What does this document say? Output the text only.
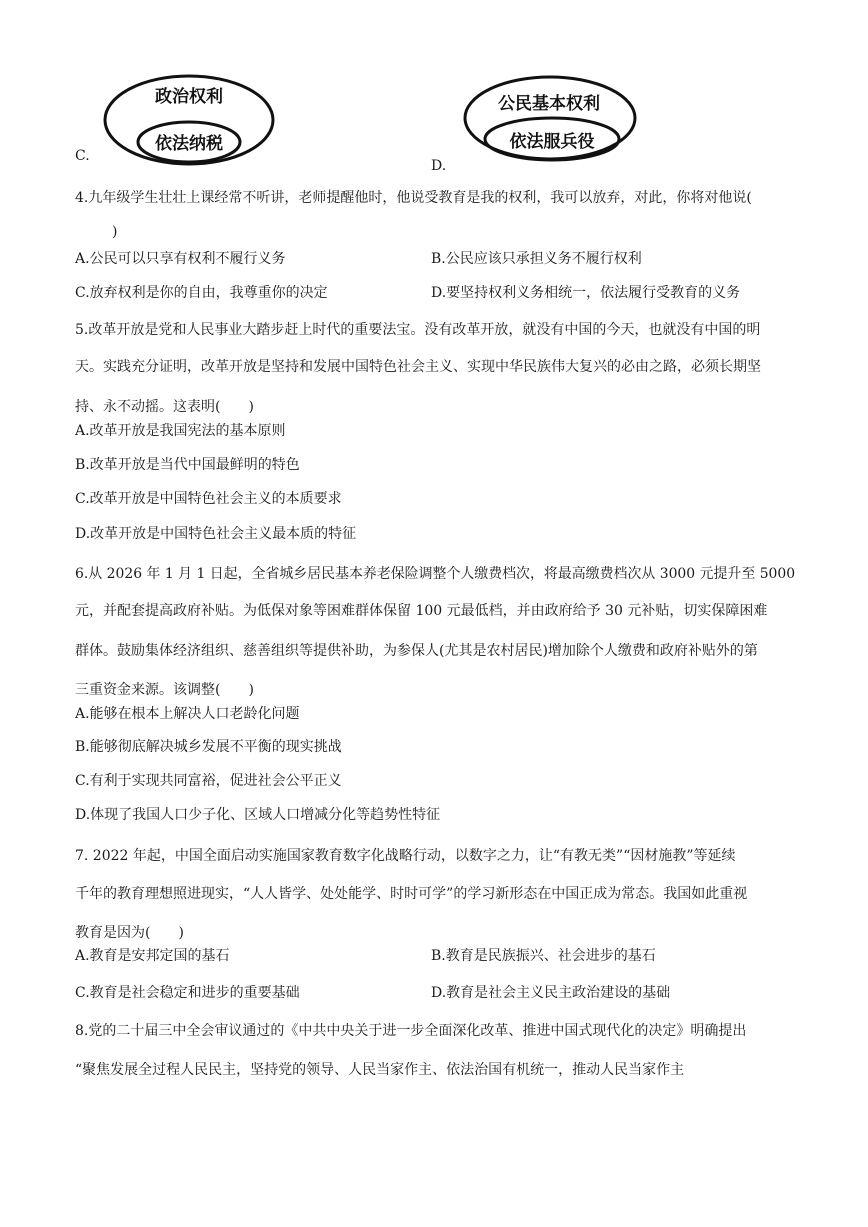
政治权利
依法纳税
C.
公民基本权利
依法服兵役
D.
4.九年级学生壮壮上课经常不听讲，老师提醒他时，他说受教育是我的权利，我可以放弃，对此，你将对他说(
)
A.公民可以只享有权利不履行义务	B.公民应该只承担义务不履行权利
C.放弃权利是你的自由，我尊重你的决定	D.要坚持权利义务相统一，依法履行受教育的义务
5.改革开放是党和人民事业大踏步赶上时代的重要法宝。没有改革开放，就没有中国的今天，也就没有中国的明
天。实践充分证明，改革开放是坚持和发展中国特色社会主义、实现中华民族伟大复兴的必由之路，必须长期坚
持、永不动摇。这表明(　　)
A.改革开放是我国宪法的基本原则
B.改革开放是当代中国最鲜明的特色
C.改革开放是中国特色社会主义的本质要求
D.改革开放是中国特色社会主义最本质的特征
6.从 2026 年 1 月 1 日起，全省城乡居民基本养老保险调整个人缴费档次，将最高缴费档次从 3000 元提升至 5000
元，并配套提高政府补贴。为低保对象等困难群体保留 100 元最低档，并由政府给予 30 元补贴，切实保障困难
群体。鼓励集体经济组织、慈善组织等提供补助，为参保人(尤其是农村居民)增加除个人缴费和政府补贴外的第
三重资金来源。该调整(　　)
A.能够在根本上解决人口老龄化问题
B.能够彻底解决城乡发展不平衡的现实挑战
C.有利于实现共同富裕，促进社会公平正义
D.体现了我国人口少子化、区域人口增减分化等趋势性特征
7. 2022 年起，中国全面启动实施国家教育数字化战略行动，以数字之力，让“有教无类”“因材施教”等延续
千年的教育理想照进现实，“人人皆学、处处能学、时时可学”的学习新形态在中国正成为常态。我国如此重视
教育是因为(　　)
A.教育是安邦定国的基石	B.教育是民族振兴、社会进步的基石
C.教育是社会稳定和进步的重要基础	D.教育是社会主义民主政治建设的基础
8.党的二十届三中全会审议通过的《中共中央关于进一步全面深化改革、推进中国式现代化的决定》明确提出
“聚焦发展全过程人民民主，坚持党的领导、人民当家作主、依法治国有机统一，推动人民当家作主
